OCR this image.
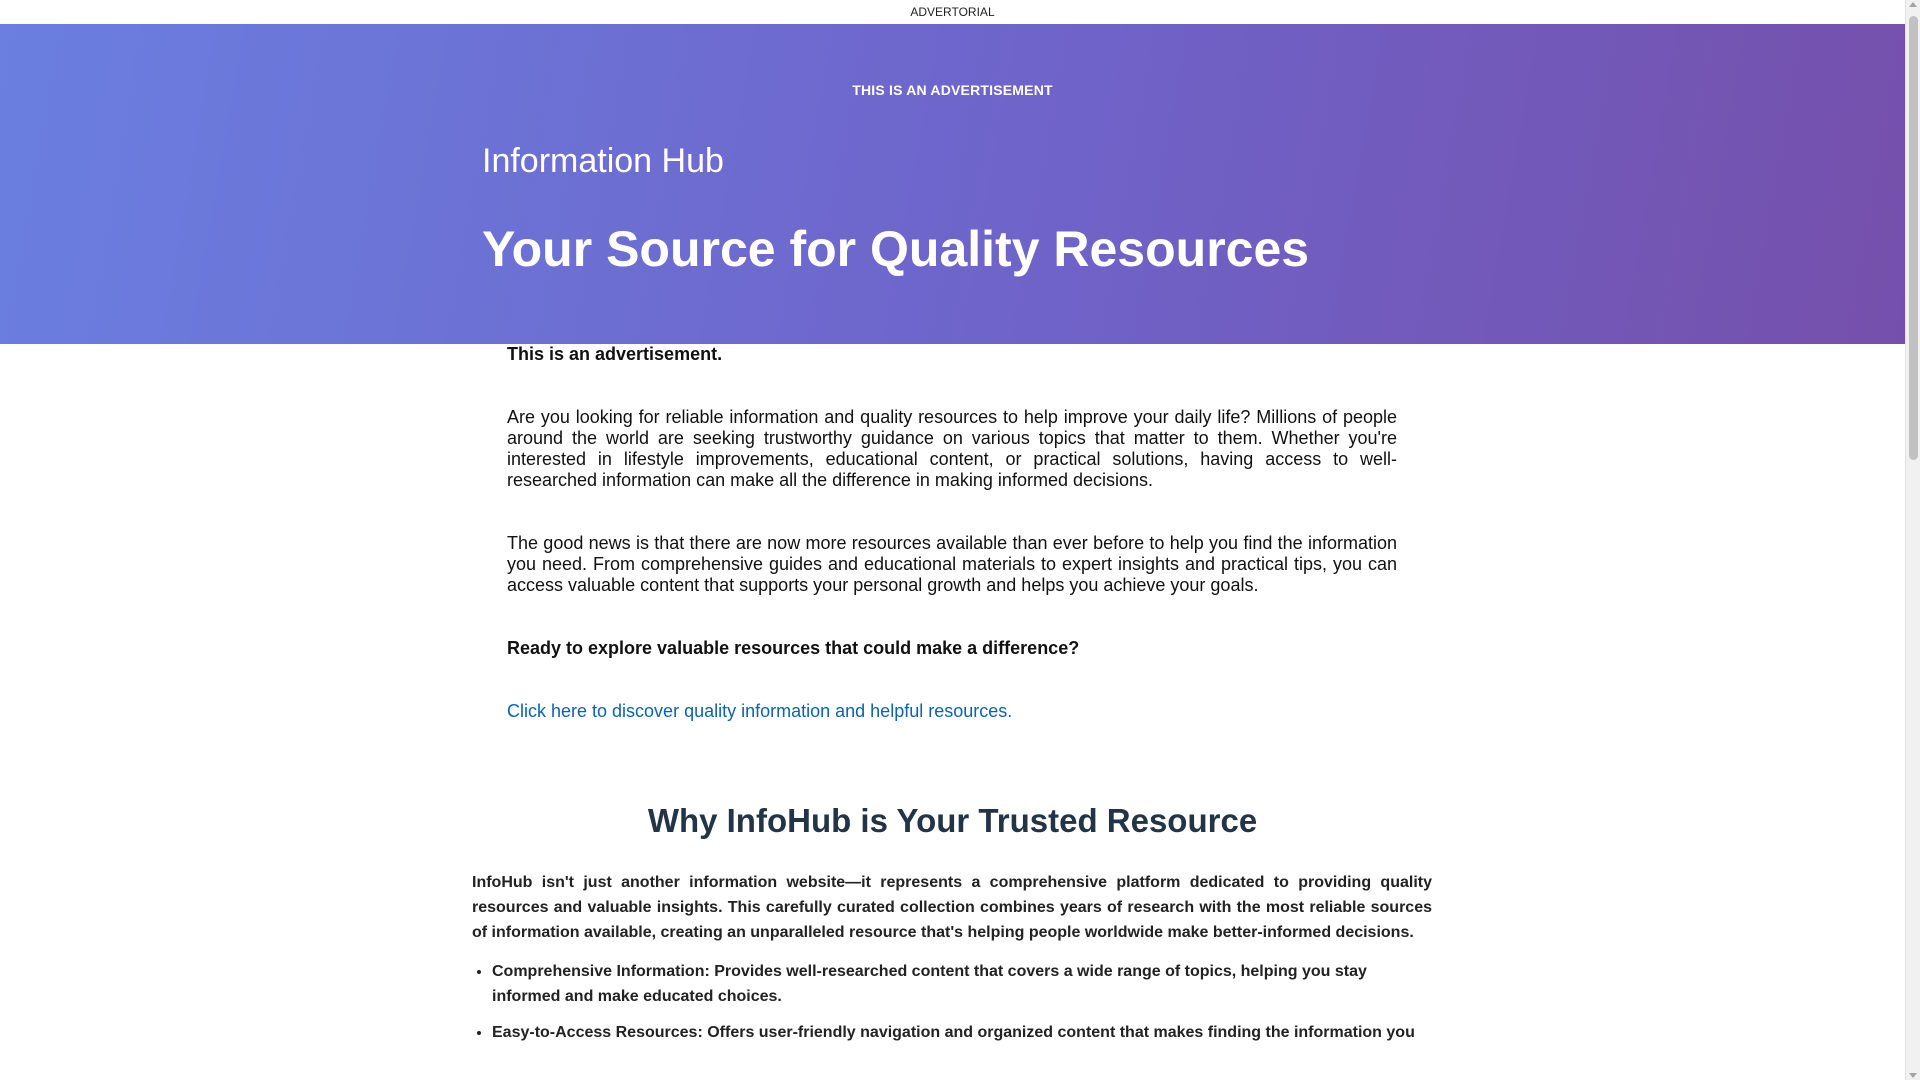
ADVERTORIAL
THIS IS AN ADVERTISEMENT
Information Hub
Your Source for Quality Resources

This is an advertisement.

Are you looking for reliable information and quality resources to help improve your daily life? Millions of people around the world are seeking trustworthy guidance on various topics that matter to them. Whether you're interested in lifestyle improvements, educational content, or practical solutions, having access to well-researched information can make all the difference in making informed decisions.

The good news is that there are now more resources available than ever before to help you find the information you need. From comprehensive guides and educational materials to expert insights and practical tips, you can access valuable content that supports your personal growth and helps you achieve your goals.

Ready to explore valuable resources that could make a difference?

Click here to discover quality information and helpful resources.

Why InfoHub is Your Trusted Resource
InfoHub isn't just another information website—it represents a comprehensive platform dedicated to providing quality resources and valuable insights. This carefully curated collection combines years of research with the most reliable sources of information available, creating an unparalleled resource that's helping people worldwide make better-informed decisions.
• Comprehensive Information: Provides well-researched content that covers a wide range of topics, helping you stay informed and make educated choices.
• Easy-to-Access Resources: Offers user-friendly navigation and organized content that makes finding the information you
